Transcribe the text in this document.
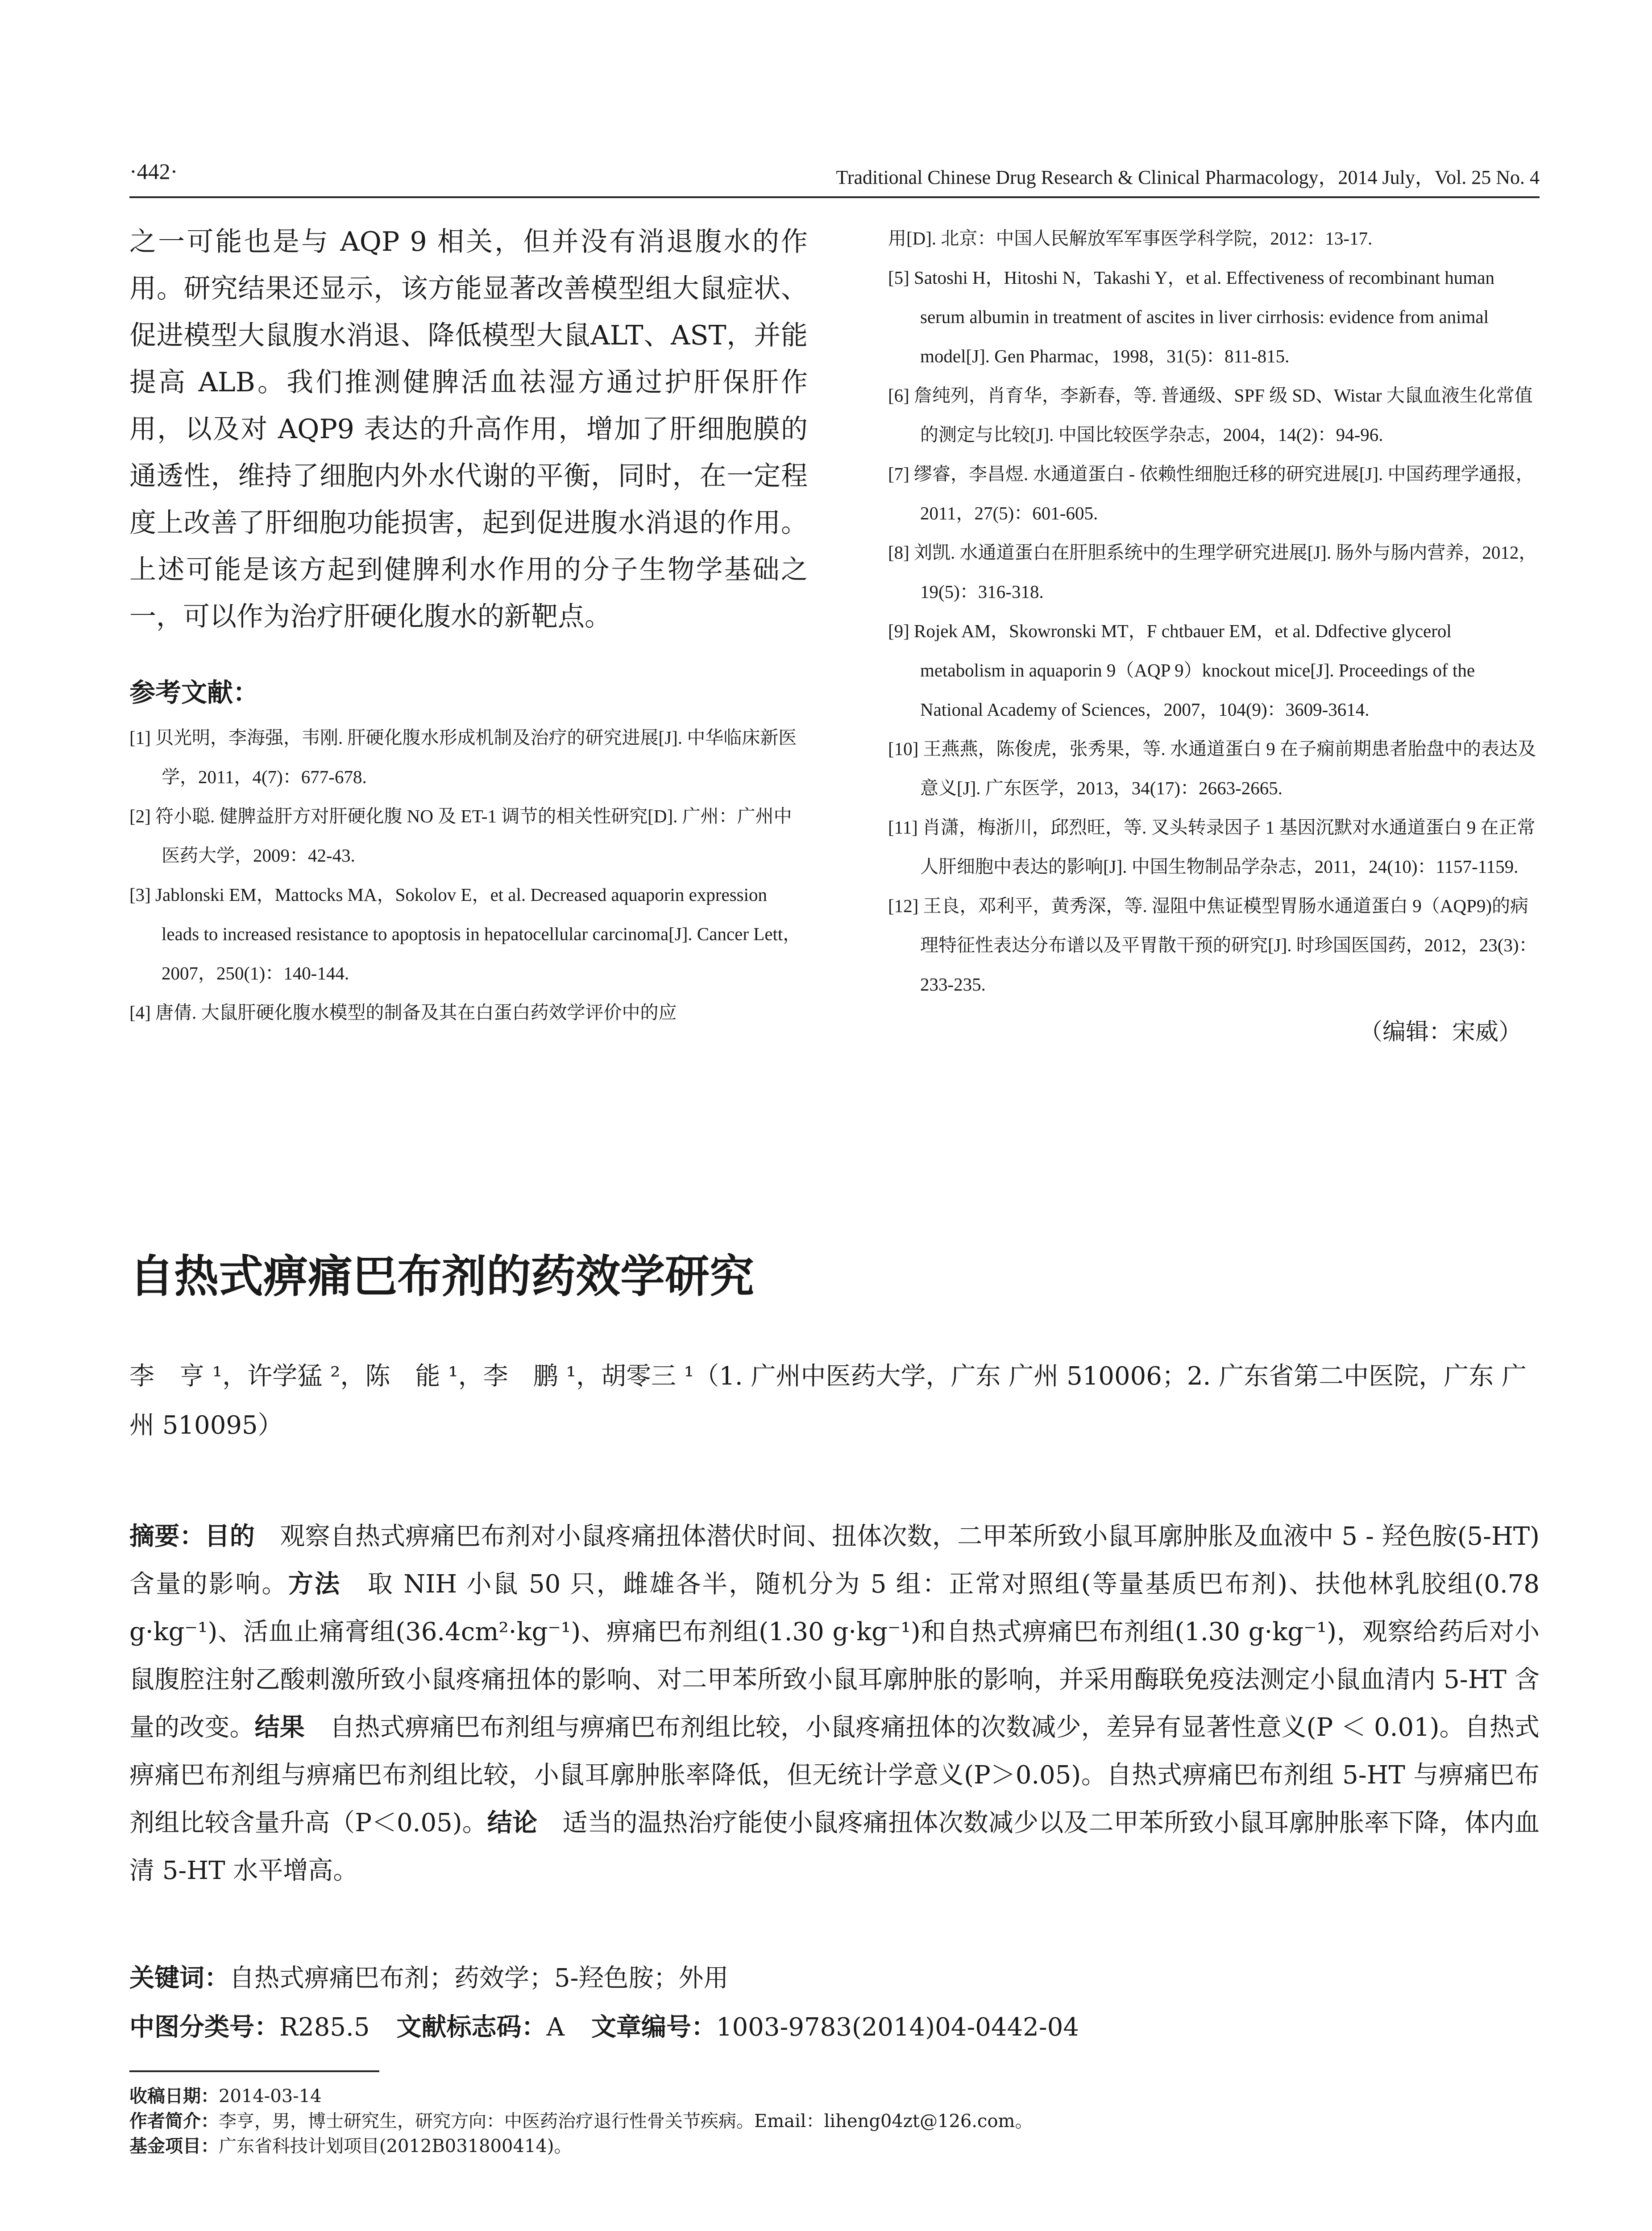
·442·	Traditional Chinese Drug Research & Clinical Pharmacology，2014 July，Vol. 25 No. 4

之一可能也是与 AQP 9 相关，但并没有消退腹水的作用。研究结果还显示，该方能显著改善模型组大鼠症状、促进模型大鼠腹水消退、降低模型大鼠ALT、AST，并能提高 ALB。我们推测健脾活血祛湿方通过护肝保肝作用，以及对 AQP9 表达的升高作用，增加了肝细胞膜的通透性，维持了细胞内外水代谢的平衡，同时，在一定程度上改善了肝细胞功能损害，起到促进腹水消退的作用。上述可能是该方起到健脾利水作用的分子生物学基础之一，可以作为治疗肝硬化腹水的新靶点。

参考文献：

[1] 贝光明，李海强，韦刚. 肝硬化腹水形成机制及治疗的研究进展[J]. 中华临床新医学，2011，4(7)：677-678.

[2] 符小聪. 健脾益肝方对肝硬化腹 NO 及 ET-1 调节的相关性研究[D]. 广州：广州中医药大学，2009：42-43.

[3] Jablonski EM，Mattocks MA，Sokolov E，et al. Decreased aquaporin expression leads to increased resistance to apoptosis in hepatocellular carcinoma[J]. Cancer Lett，2007，250(1)：140-144.

[4] 唐倩. 大鼠肝硬化腹水模型的制备及其在白蛋白药效学评价中的应

用[D]. 北京：中国人民解放军军事医学科学院，2012：13-17.

[5] Satoshi H，Hitoshi N，Takashi Y，et al. Effectiveness of recombinant human serum albumin in treatment of ascites in liver cirrhosis: evidence from animal model[J]. Gen Pharmac，1998，31(5)：811-815.

[6] 詹纯列，肖育华，李新春，等. 普通级、SPF 级 SD、Wistar 大鼠血液生化常值的测定与比较[J]. 中国比较医学杂志，2004，14(2)：94-96.

[7] 缪睿，李昌煜. 水通道蛋白 - 依赖性细胞迁移的研究进展[J]. 中国药理学通报，2011，27(5)：601-605.

[8] 刘凯. 水通道蛋白在肝胆系统中的生理学研究进展[J]. 肠外与肠内营养，2012，19(5)：316-318.

[9] Rojek AM，Skowronski MT，F chtbauer EM，et al. Ddfective glycerol metabolism in aquaporin 9（AQP 9）knockout mice[J]. Proceedings of the National Academy of Sciences，2007，104(9)：3609-3614.

[10] 王燕燕，陈俊虎，张秀果，等. 水通道蛋白 9 在子痫前期患者胎盘中的表达及意义[J]. 广东医学，2013，34(17)：2663-2665.

[11] 肖潇，梅浙川，邱烈旺，等. 叉头转录因子 1 基因沉默对水通道蛋白 9 在正常人肝细胞中表达的影响[J]. 中国生物制品学杂志，2011，24(10)：1157-1159.

[12] 王良，邓利平，黄秀深，等. 湿阻中焦证模型胃肠水通道蛋白 9（AQP9)的病理特征性表达分布谱以及平胃散干预的研究[J]. 时珍国医国药，2012，23(3)：233-235.

（编辑：宋威）
自热式痹痛巴布剂的药效学研究

李　亨 ¹，许学猛 ²，陈　能 ¹，李　鹏 ¹，胡零三 ¹（1. 广州中医药大学，广东 广州 510006；2. 广东省第二中医院，广东 广州 510095）

摘要：目的　 观察自热式痹痛巴布剂对小鼠疼痛扭体潜伏时间、扭体次数，二甲苯所致小鼠耳廓肿胀及血液中 5 - 羟色胺(5-HT)含量的影响。方法　 取 NIH 小鼠 50 只，雌雄各半，随机分为 5 组：正常对照组(等量基质巴布剂)、扶他林乳胶组(0.78 g·kg⁻¹)、活血止痛膏组(36.4cm²·kg⁻¹)、痹痛巴布剂组(1.30 g·kg⁻¹)和自热式痹痛巴布剂组(1.30 g·kg⁻¹)，观察给药后对小鼠腹腔注射乙酸刺激所致小鼠疼痛扭体的影响、对二甲苯所致小鼠耳廓肿胀的影响，并采用酶联免疫法测定小鼠血清内 5-HT 含量的改变。结果　 自热式痹痛巴布剂组与痹痛巴布剂组比较，小鼠疼痛扭体的次数减少，差异有显著性意义(P ＜ 0.01)。自热式痹痛巴布剂组与痹痛巴布剂组比较，小鼠耳廓肿胀率降低，但无统计学意义(P＞0.05)。自热式痹痛巴布剂组 5-HT 与痹痛巴布剂组比较含量升高（P＜0.05)。结论　 适当的温热治疗能使小鼠疼痛扭体次数减少以及二甲苯所致小鼠耳廓肿胀率下降，体内血清 5-HT 水平增高。

关键词：自热式痹痛巴布剂；药效学；5-羟色胺；外用

中图分类号：R285.5 文献标志码：A 文章编号：1003-9783(2014)04-0442-04

收稿日期：2014-03-14

作者简介：李亨，男，博士研究生，研究方向：中医药治疗退行性骨关节疾病。Email：liheng04zt@126.com。

基金项目：广东省科技计划项目(2012B031800414)。
